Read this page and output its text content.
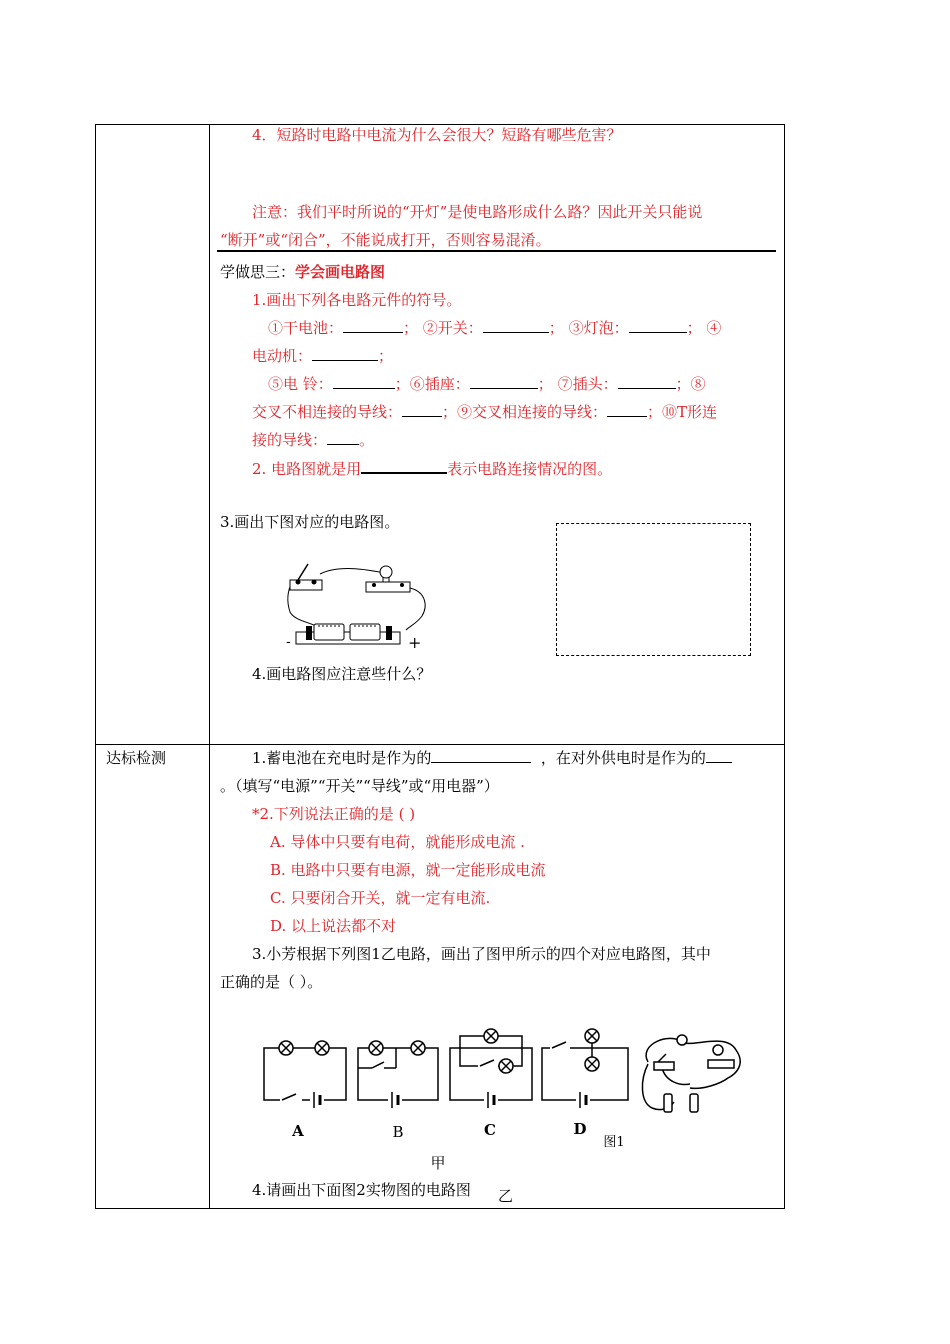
4．短路时电路中电流为什么会很大？短路有哪些危害？
注意：我们平时所说的“开灯”是使电路形成什么路？因此开关只能说
“断开”或“闭合”，不能说成打开，否则容易混淆。
学做思三：学会画电路图
1.画出下列各电路元件的符号。
①干电池：	； ②开关：	； ③灯泡：	； ④
电动机：	；
⑤电 铃：	；⑥插座：	； ⑦插头：	；⑧
交叉不相连接的导线：	；⑨交叉相连接的导线：	；⑩T形连
接的导线： 。
2. 电路图就是用	表示电路连接情况的图。
3.画出下图对应的电路图。
-	+
4.画电路图应注意些什么？
达标检测	1.蓄电池在充电时是作为的	，在对外供电时是作为的
。（填写“电源”“开关”“导线”或“用电器”）
*2.下列说法正确的是 ( )
A. 导体中只要有电荷，就能形成电流 .
B. 电路中只要有电源，就一定能形成电流
C. 只要闭合开关，就一定有电流.
D. 以上说法都不对
3.小芳根据下列图1乙电路，画出了图甲所示的四个对应电路图，其中
正确的是（ ）。
A	B	C	D
图1
甲
4.请画出下面图2实物图的电路图 乙
